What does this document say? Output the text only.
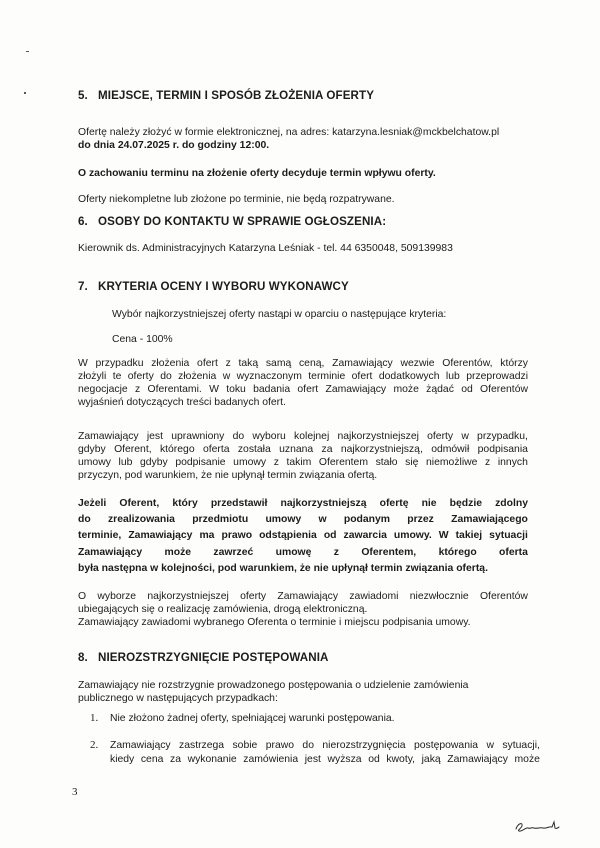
5. MIEJSCE, TERMIN I SPOSÓB ZŁOŻENIA OFERTY
Ofertę należy złożyć w formie elektronicznej, na adres: katarzyna.lesniak@mckbelchatow.pl
do dnia 24.07.2025 r. do godziny 12:00.
O zachowaniu terminu na złożenie oferty decyduje termin wpływu oferty.
Oferty niekompletne lub złożone po terminie, nie będą rozpatrywane.
6. OSOBY DO KONTAKTU W SPRAWIE OGŁOSZENIA:
Kierownik ds. Administracyjnych Katarzyna Leśniak - tel. 44 6350048, 509139983
7. KRYTERIA OCENY I WYBORU WYKONAWCY
Wybór najkorzystniejszej oferty nastąpi w oparciu o następujące kryteria:
Cena - 100%
W przypadku złożenia ofert z taką samą ceną, Zamawiający wezwie Oferentów, którzy
złożyli te oferty do złożenia w wyznaczonym terminie ofert dodatkowych lub przeprowadzi
negocjacje z Oferentami. W toku badania ofert Zamawiający może żądać od Oferentów
wyjaśnień dotyczących treści badanych ofert.
Zamawiający jest uprawniony do wyboru kolejnej najkorzystniejszej oferty w przypadku,
gdyby Oferent, którego oferta została uznana za najkorzystniejszą, odmówił podpisania
umowy lub gdyby podpisanie umowy z takim Oferentem stało się niemożliwe z innych
przyczyn, pod warunkiem, że nie upłynął termin związania ofertą.
Jeżeli Oferent, który przedstawił najkorzystniejszą ofertę nie będzie zdolny
do zrealizowania przedmiotu umowy w podanym przez Zamawiającego
terminie, Zamawiający ma prawo odstąpienia od zawarcia umowy. W takiej sytuacji
Zamawiający może zawrzeć umowę z Oferentem, którego oferta
była następna w kolejności, pod warunkiem, że nie upłynął termin związania ofertą.
O wyborze najkorzystniejszej oferty Zamawiający zawiadomi niezwłocznie Oferentów
ubiegających się o realizację zamówienia, drogą elektroniczną.
Zamawiający zawiadomi wybranego Oferenta o terminie i miejscu podpisania umowy.
8. NIEROZSTRZYGNIĘCIE POSTĘPOWANIA
Zamawiający nie rozstrzygnie prowadzonego postępowania o udzielenie zamówienia
publicznego w następujących przypadkach:
1. Nie złożono żadnej oferty, spełniającej warunki postępowania.
2. Zamawiający zastrzega sobie prawo do nierozstrzygnięcia postępowania w sytuacji,
kiedy cena za wykonanie zamówienia jest wyższa od kwoty, jaką Zamawiający może
3
